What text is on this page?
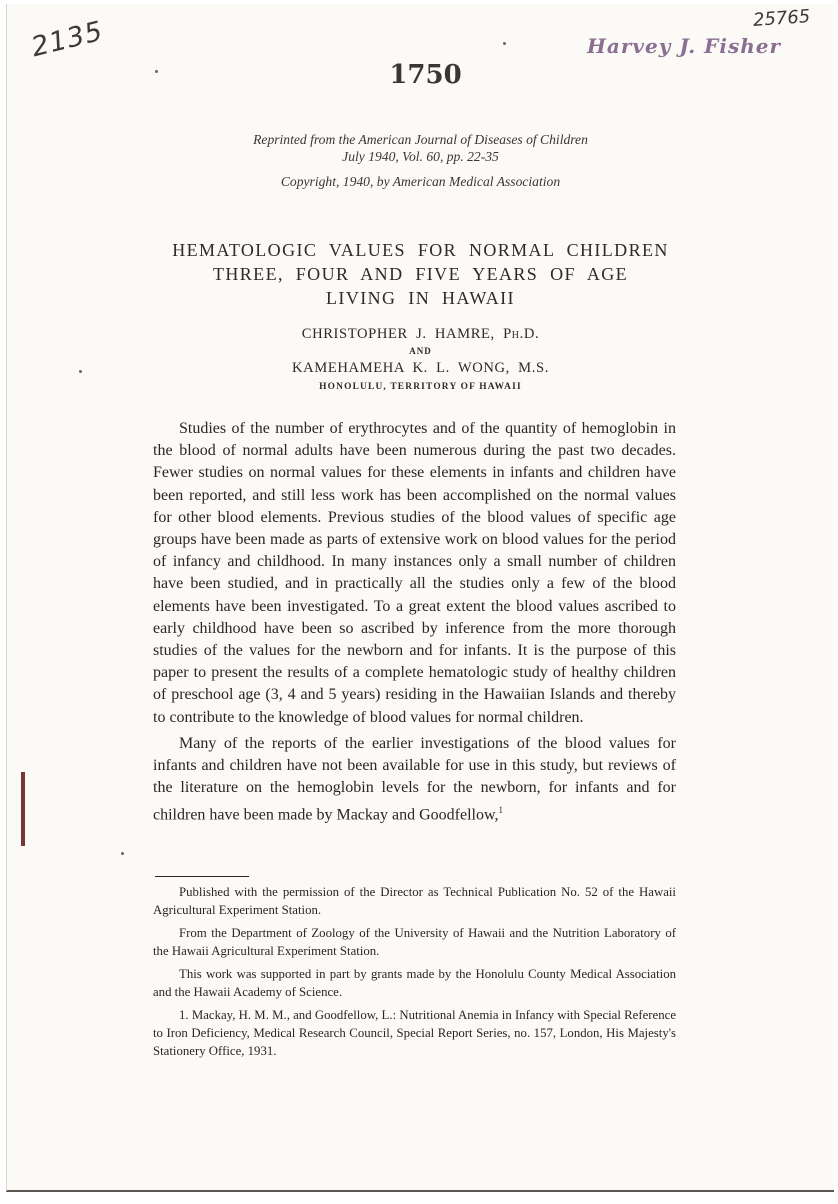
2135	25765
Harvey J. Fisher
1750
Reprinted from the American Journal of Diseases of Children
July 1940, Vol. 60, pp. 22-35
Copyright, 1940, by American Medical Association
HEMATOLOGIC VALUES FOR NORMAL CHILDREN
THREE, FOUR AND FIVE YEARS OF AGE
LIVING IN HAWAII
CHRISTOPHER J. HAMRE, Ph.D.
AND
KAMEHAMEHA K. L. WONG, M.S.
HONOLULU, TERRITORY OF HAWAII

Studies of the number of erythrocytes and of the quantity of hemoglobin in the blood of normal adults have been numerous during the past two decades. Fewer studies on normal values for these elements in infants and children have been reported, and still less work has been accomplished on the normal values for other blood elements. Previous studies of the blood values of specific age groups have been made as parts of extensive work on blood values for the period of infancy and childhood. In many instances only a small number of children have been studied, and in practically all the studies only a few of the blood elements have been investigated. To a great extent the blood values ascribed to early childhood have been so ascribed by inference from the more thorough studies of the values for the newborn and for infants. It is the purpose of this paper to present the results of a complete hematologic study of healthy children of preschool age (3, 4 and 5 years) residing in the Hawaiian Islands and thereby to contribute to the knowledge of blood values for normal children.

Many of the reports of the earlier investigations of the blood values for infants and children have not been available for use in this study, but reviews of the literature on the hemoglobin levels for the newborn, for infants and for children have been made by Mackay and Goodfellow,$^1$

Published with the permission of the Director as Technical Publication No. 52 of the Hawaii Agricultural Experiment Station.

From the Department of Zoology of the University of Hawaii and the Nutrition Laboratory of the Hawaii Agricultural Experiment Station.

This work was supported in part by grants made by the Honolulu County Medical Association and the Hawaii Academy of Science.

1. Mackay, H. M. M., and Goodfellow, L.: Nutritional Anemia in Infancy with Special Reference to Iron Deficiency, Medical Research Council, Special Report Series, no. 157, London, His Majesty's Stationery Office, 1931.
